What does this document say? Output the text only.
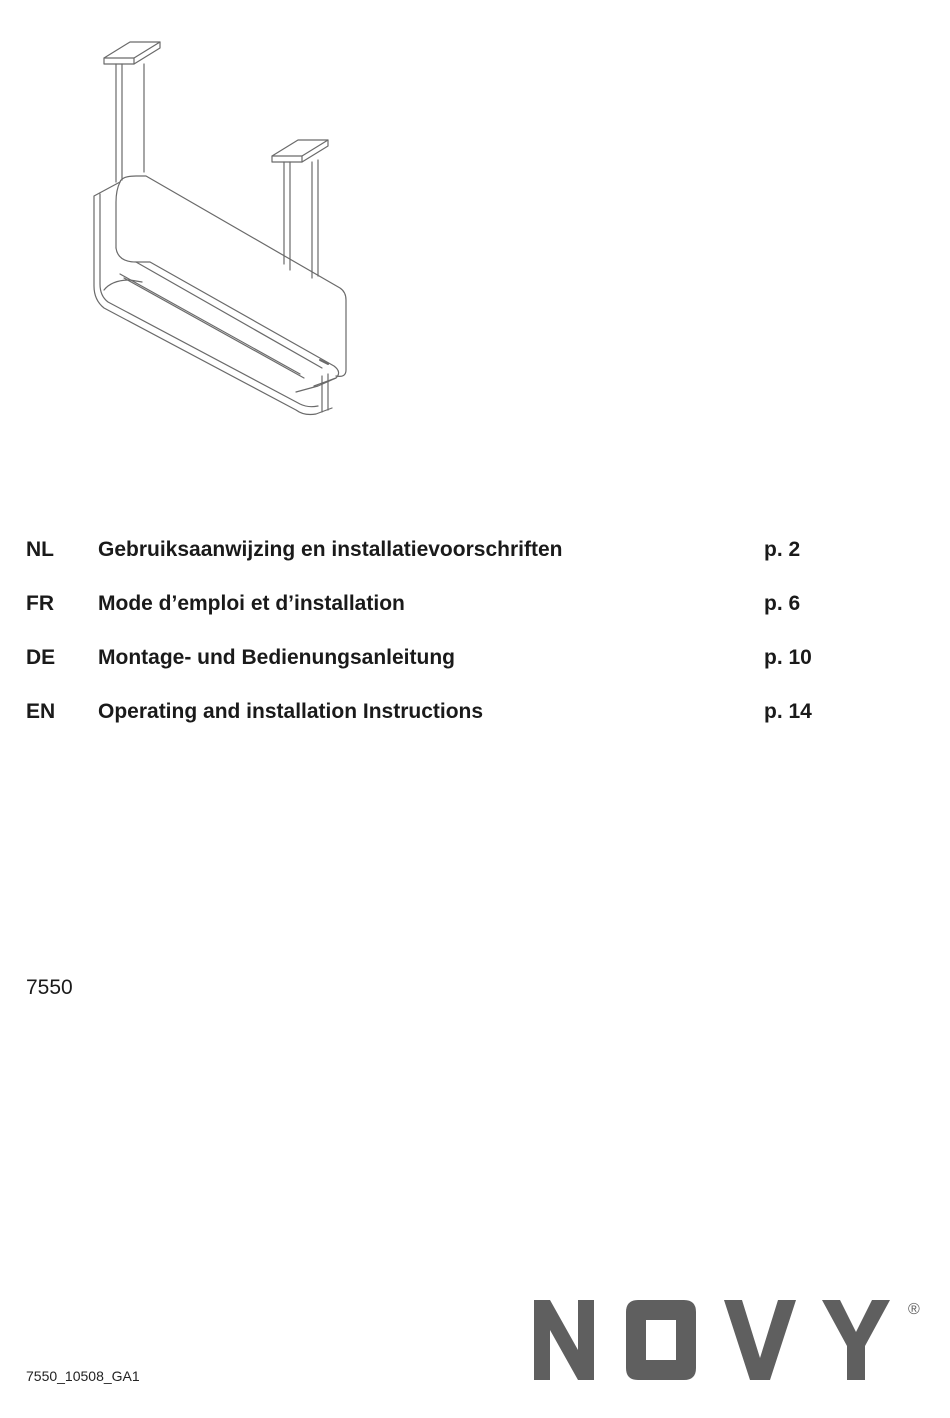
NL Gebruiksaanwijzing en installatievoorschriften	p. 2
FR Mode d’emploi et d’installation	p. 6
DE Montage- und Bedienungsanleitung	p. 10
EN Operating and installation Instructions	p. 14
7550
7550_10508_GA1
®
